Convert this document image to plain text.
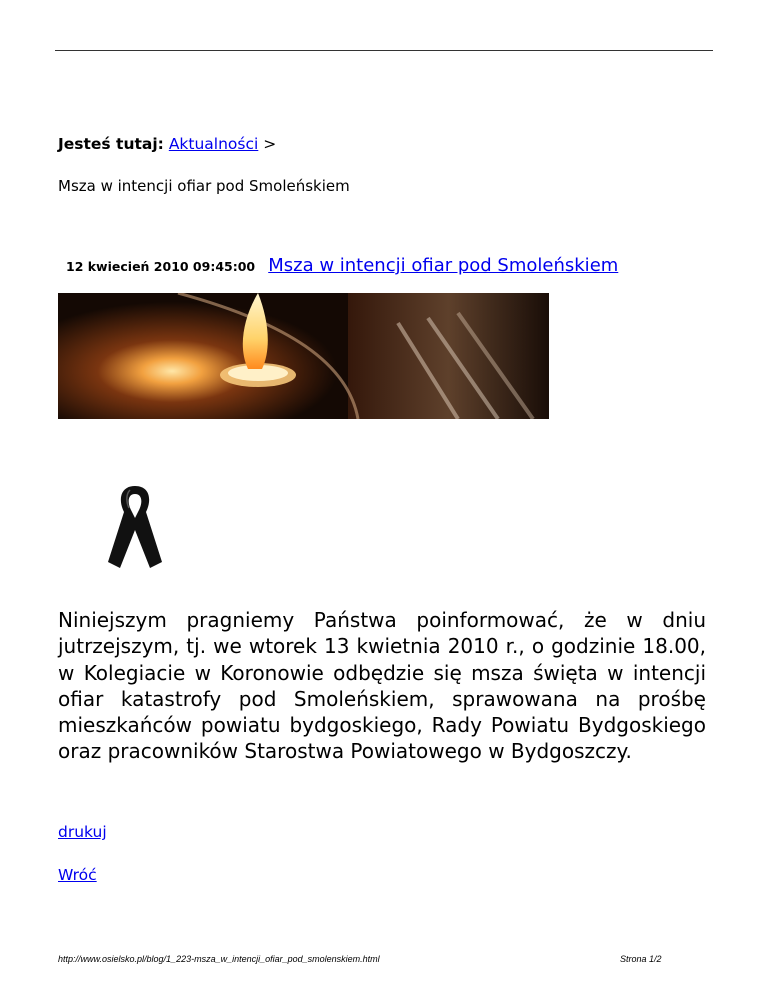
Jesteś tutaj: Aktualności >
Msza w intencji ofiar pod Smoleńskiem
12 kwiecień 2010 09:45:00 Msza w intencji ofiar pod Smoleńskiem
Niniejszym pragniemy Państwa poinformować, że w dniu jutrzejszym, tj. we wtorek 13 kwietnia 2010 r., o godzinie 18.00, w Kolegiacie w Koronowie odbędzie się msza święta w intencji ofiar katastrofy pod Smoleńskiem, sprawowana na prośbę mieszkańców powiatu bydgoskiego, Rady Powiatu Bydgoskiego oraz pracowników Starostwa Powiatowego w Bydgoszczy.
drukuj
Wróć
http://www.osielsko.pl/blog/1_223-msza_w_intencji_ofiar_pod_smolenskiem.html	Strona 1/2
